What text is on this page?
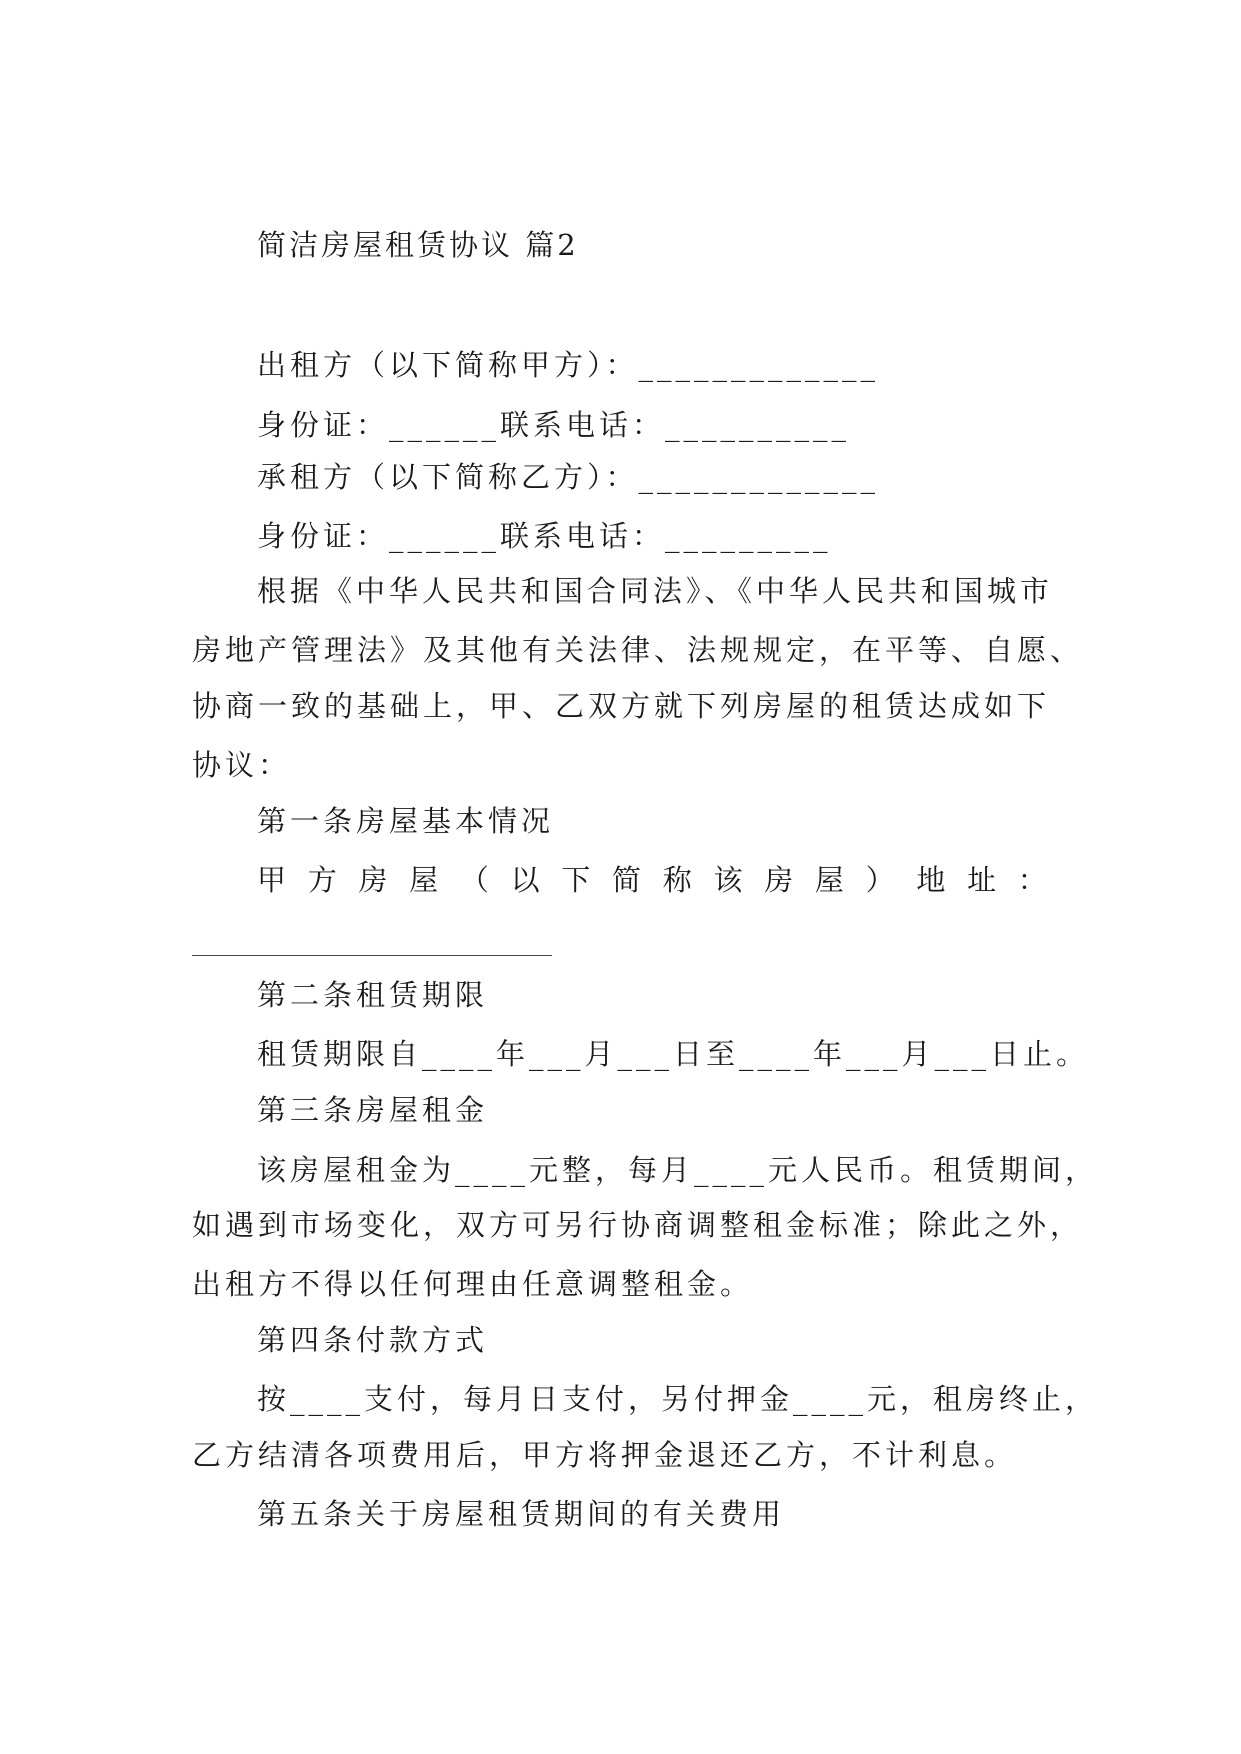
简洁房屋租赁协议 篇2
出租方（以下简称甲方）：_____________
身份证：______联系电话：__________
承租方（以下简称乙方）：_____________
身份证：______联系电话：_________
根据《中华人民共和国合同法》、《中华人民共和国城市
房地产管理法》及其他有关法律、法规规定，在平等、自愿、
协商一致的基础上，甲、乙双方就下列房屋的租赁达成如下
协议：
第一条房屋基本情况
甲 方 房 屋 （ 以 下 简 称 该 房 屋 ） 地 址 ：
第二条租赁期限
租赁期限自____年___月___日至____年___月___日止。
第三条房屋租金
该房屋租金为____元整，每月____元人民币。租赁期间，
如遇到市场变化，双方可另行协商调整租金标准；除此之外，
出租方不得以任何理由任意调整租金。
第四条付款方式
按____支付，每月日支付，另付押金____元，租房终止，
乙方结清各项费用后，甲方将押金退还乙方，不计利息。
第五条关于房屋租赁期间的有关费用
